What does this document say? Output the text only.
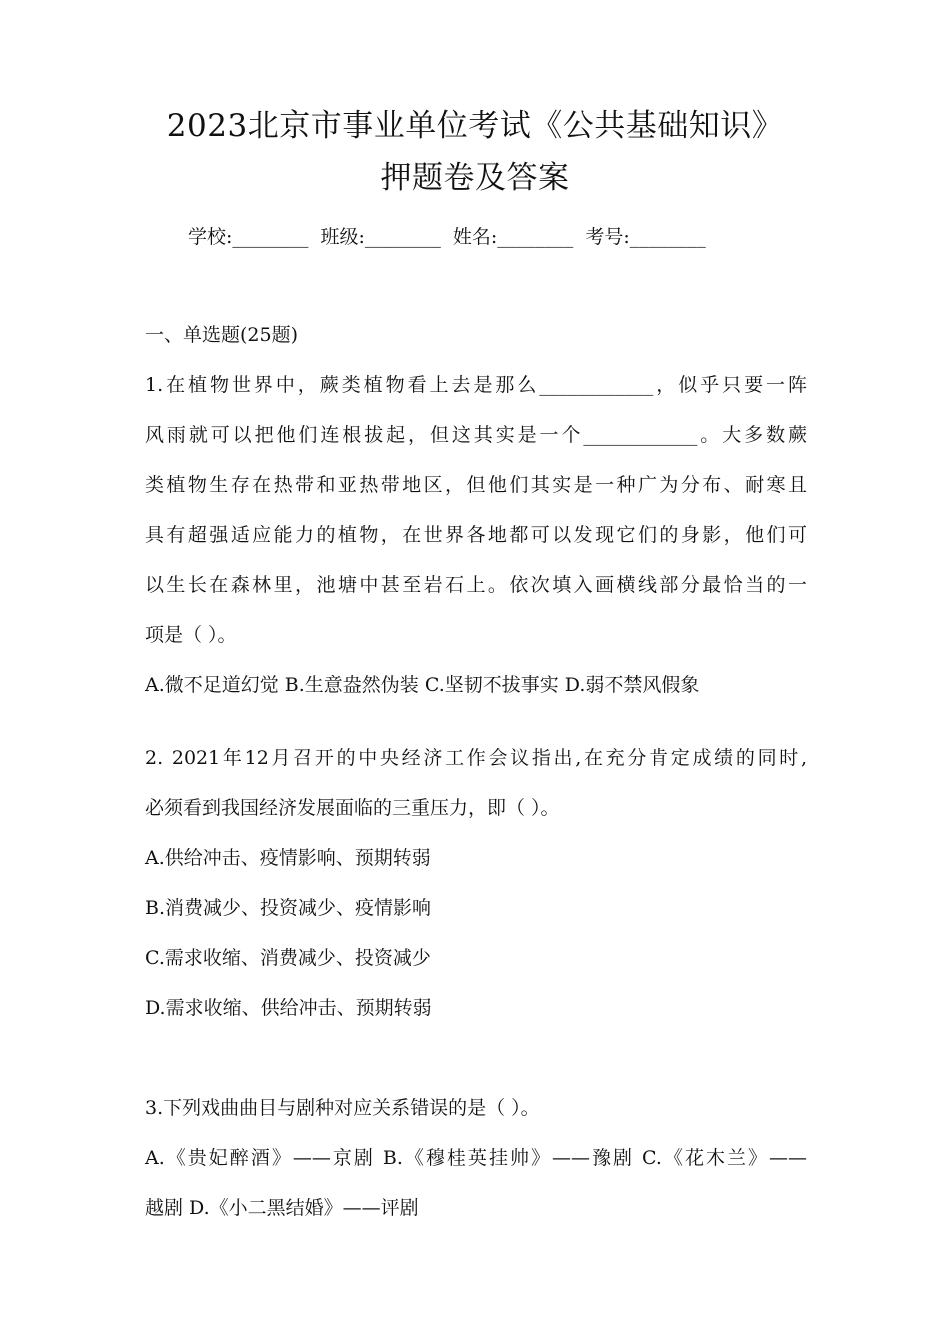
2023北京市事业单位考试《公共基础知识》
押题卷及答案
学校:________ 班级:________ 姓名:________ 考号:________
一、单选题(25题)
1.在植物世界中，蕨类植物看上去是那么____________，似乎只要一阵
风雨就可以把他们连根拔起，但这其实是一个____________。大多数蕨
类植物生存在热带和亚热带地区，但他们其实是一种广为分布、耐寒且
具有超强适应能力的植物，在世界各地都可以发现它们的身影，他们可
以生长在森林里，池塘中甚至岩石上。依次填入画横线部分最恰当的一
项是（ ）。
A.微不足道幻觉 B.生意盎然伪装 C.坚韧不拔事实 D.弱不禁风假象
2. 2021年12月召开的中央经济工作会议指出,在充分肯定成绩的同时,
必须看到我国经济发展面临的三重压力，即（ ）。
A.供给冲击、疫情影响、预期转弱
B.消费减少、投资减少、疫情影响
C.需求收缩、消费减少、投资减少
D.需求收缩、供给冲击、预期转弱
3.下列戏曲曲目与剧种对应关系错误的是（ ）。
A.《贵妃醉酒》——京剧 B.《穆桂英挂帅》——豫剧 C.《花木兰》——
越剧 D.《小二黑结婚》——评剧
